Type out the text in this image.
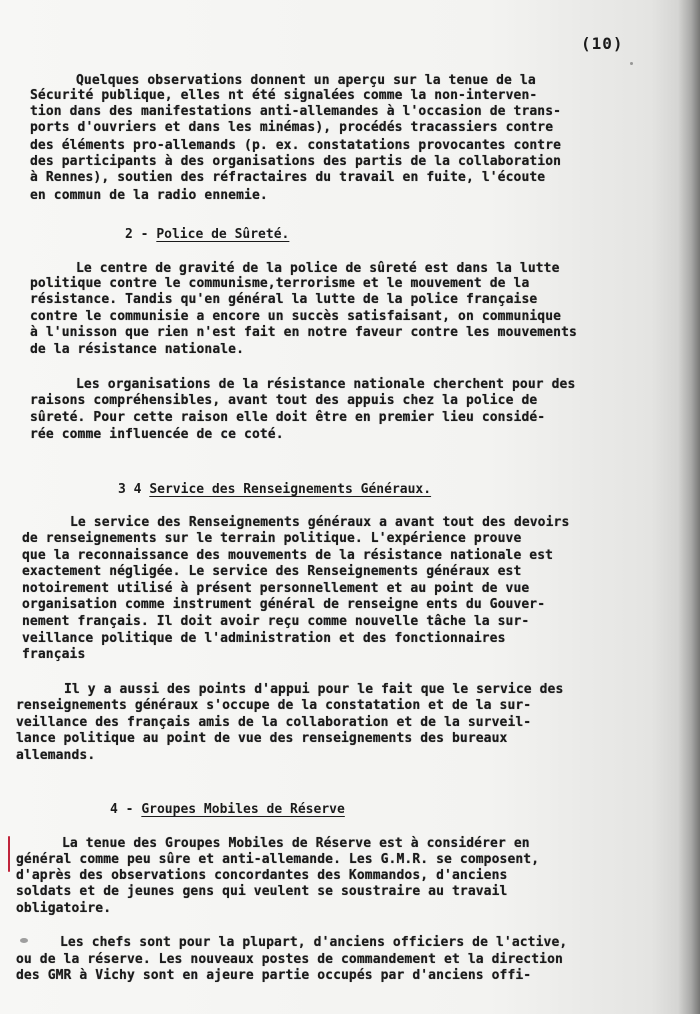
(10)
Quelques observations donnent un aperçu sur la tenue de la
Sécurité publique, elles nt été signalées comme la non-interven-
tion dans des manifestations anti-allemandes à l'occasion de trans-
ports d'ouvriers et dans les minémas), procédés tracassiers contre
des éléments pro-allemands (p. ex. constatations provocantes contre
des participants à des organisations des partis de la collaboration
à Rennes), soutien des réfractaires du travail en fuite, l'écoute
en commun de la radio ennemie.
2 - Police de Sûreté.
Le centre de gravité de la police de sûreté est dans la lutte
politique contre le communisme,terrorisme et le mouvement de la
résistance. Tandis qu'en général la lutte de la police française
contre le communisie a encore un succès satisfaisant, on communique
à l'unisson que rien n'est fait en notre faveur contre les mouvements
de la résistance nationale.
Les organisations de la résistance nationale cherchent pour des
raisons compréhensibles, avant tout des appuis chez la police de
sûreté. Pour cette raison elle doit être en premier lieu considé-
rée comme influencée de ce coté.
3 4 Service des Renseignements Généraux.
Le service des Renseignements généraux a avant tout des devoirs
de renseignements sur le terrain politique. L'expérience prouve
que la reconnaissance des mouvements de la résistance nationale est
exactement négligée. Le service des Renseignements généraux est
notoirement utilisé à présent personnellement et au point de vue
organisation comme instrument général de renseigne ents du Gouver-
nement français. Il doit avoir reçu comme nouvelle tâche la sur-
veillance politique de l'administration et des fonctionnaires
français
Il y a aussi des points d'appui pour le fait que le service des
renseignements généraux s'occupe de la constatation et de la sur-
veillance des français amis de la collaboration et de la surveil-
lance politique au point de vue des renseignements des bureaux
allemands.
4 - Groupes Mobiles de Réserve
La tenue des Groupes Mobiles de Réserve est à considérer en
général comme peu sûre et anti-allemande. Les G.M.R. se composent,
d'après des observations concordantes des Kommandos, d'anciens
soldats et de jeunes gens qui veulent se soustraire au travail
obligatoire.
Les chefs sont pour la plupart, d'anciens officiers de l'active,
ou de la réserve. Les nouveaux postes de commandement et la direction
des GMR à Vichy sont en ajeure partie occupés par d'anciens offi-
